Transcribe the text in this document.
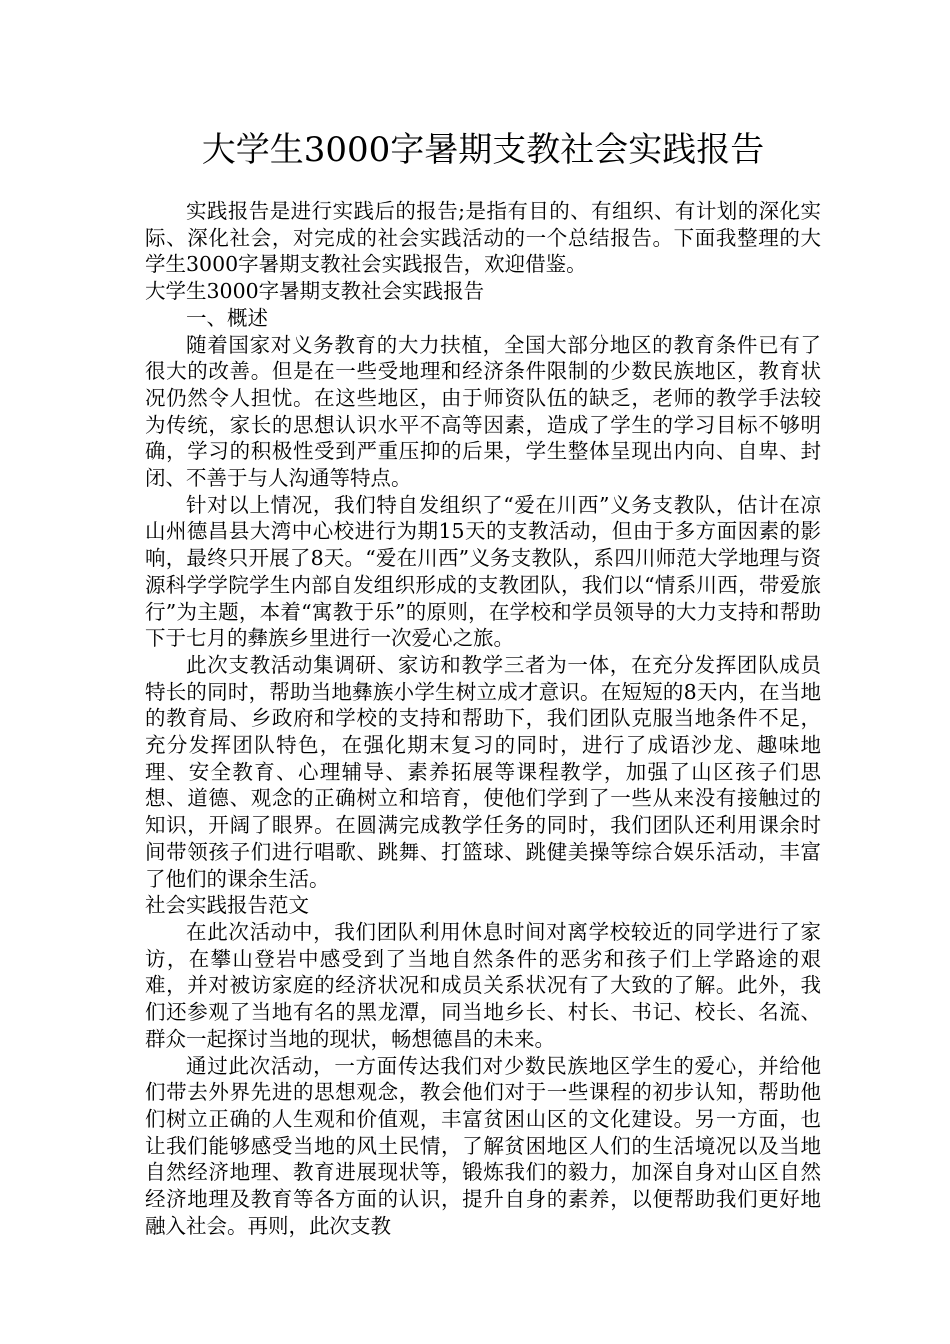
大学生3000字暑期支教社会实践报告

实践报告是进行实践后的报告;是指有目的、有组织、有计划的深化实际、深化社会，对完成的社会实践活动的一个总结报告。下面我整理的大学生3000字暑期支教社会实践报告，欢迎借鉴。

大学生3000字暑期支教社会实践报告

一、概述

随着国家对义务教育的大力扶植，全国大部分地区的教育条件已有了很大的改善。但是在一些受地理和经济条件限制的少数民族地区，教育状况仍然令人担忧。在这些地区，由于师资队伍的缺乏，老师的教学手法较为传统，家长的思想认识水平不高等因素，造成了学生的学习目标不够明确，学习的积极性受到严重压抑的后果，学生整体呈现出内向、自卑、封闭、不善于与人沟通等特点。

针对以上情况，我们特自发组织了“爱在川西”义务支教队，估计在凉山州德昌县大湾中心校进行为期15天的支教活动，但由于多方面因素的影响，最终只开展了8天。“爱在川西”义务支教队，系四川师范大学地理与资源科学学院学生内部自发组织形成的支教团队，我们以“情系川西，带爱旅行”为主题，本着“寓教于乐”的原则，在学校和学员领导的大力支持和帮助下于七月的彝族乡里进行一次爱心之旅。

此次支教活动集调研、家访和教学三者为一体，在充分发挥团队成员特长的同时，帮助当地彝族小学生树立成才意识。在短短的8天内，在当地的教育局、乡政府和学校的支持和帮助下，我们团队克服当地条件不足，充分发挥团队特色，在强化期末复习的同时，进行了成语沙龙、趣味地理、安全教育、心理辅导、素养拓展等课程教学，加强了山区孩子们思想、道德、观念的正确树立和培育，使他们学到了一些从来没有接触过的知识，开阔了眼界。在圆满完成教学任务的同时，我们团队还利用课余时间带领孩子们进行唱歌、跳舞、打篮球、跳健美操等综合娱乐活动，丰富了他们的课余生活。

社会实践报告范文

在此次活动中，我们团队利用休息时间对离学校较近的同学进行了家访，在攀山登岩中感受到了当地自然条件的恶劣和孩子们上学路途的艰难，并对被访家庭的经济状况和成员关系状况有了大致的了解。此外，我们还参观了当地有名的黑龙潭，同当地乡长、村长、书记、校长、名流、群众一起探讨当地的现状，畅想德昌的未来。

通过此次活动，一方面传达我们对少数民族地区学生的爱心，并给他们带去外界先进的思想观念，教会他们对于一些课程的初步认知，帮助他们树立正确的人生观和价值观，丰富贫困山区的文化建设。另一方面，也让我们能够感受当地的风土民情，了解贫困地区人们的生活境况以及当地自然经济地理、教育进展现状等，锻炼我们的毅力，加深自身对山区自然经济地理及教育等各方面的认识，提升自身的素养，以便帮助我们更好地融入社会。再则，此次支教
